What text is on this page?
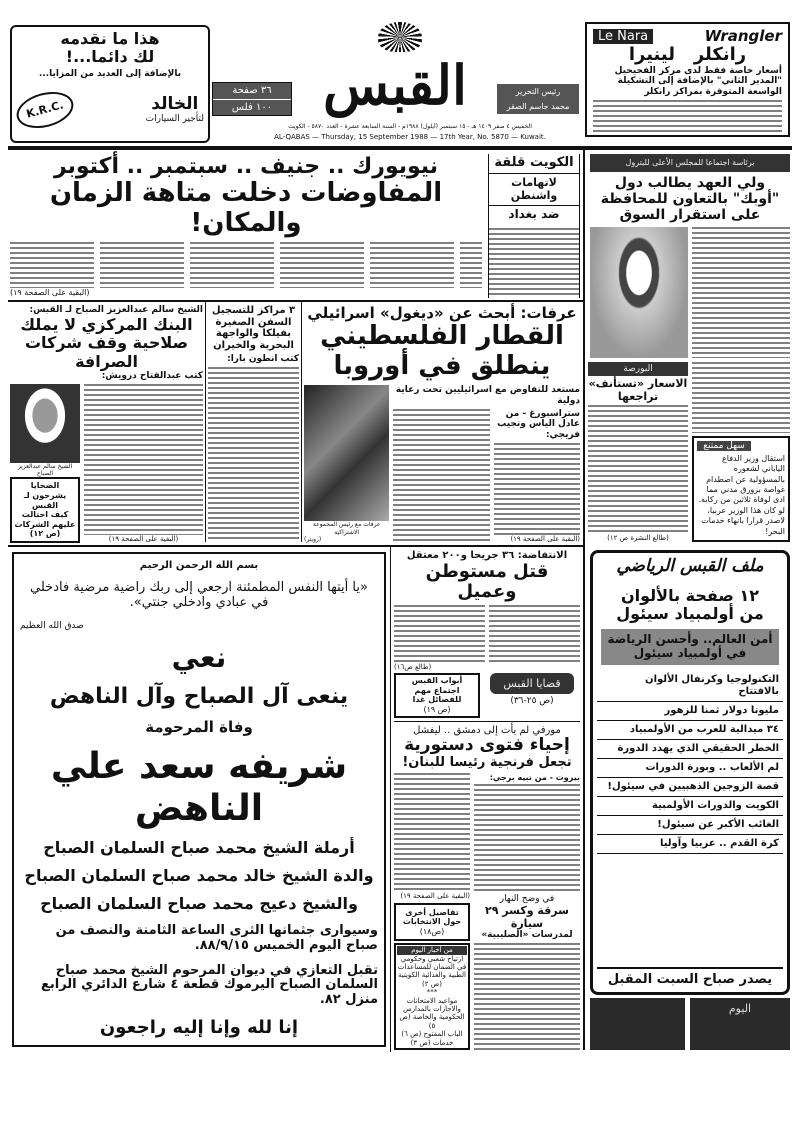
هذا ما نقدمه
لك دائما...!
بالإضافة إلى العديد من المزايا...
K.R.C.	الخالد
لتأجير السيارات
٣٦ صفحة
١٠٠ فلس القبس	رئيس التحرير
محمد جاسم الصقر
Le Nara	Wrangler
رانكلر   لينيرا
أسعار خاصة فقط لدى مركز الفحيحيل
"المدير الثاني" بالإضافة إلى التشكيلة
الواسعة المتوفرة بمراكز رانكلر
الخميس ٤ صفر ١٤٠٩ هـ - ١٥ سبتمبر (أيلول) ١٩٨٨م - السنة السابعة عشرة - العدد ٥٨٧٠ - الكويت
AL-QABAS — Thursday, 15 September 1988 — 17th Year, No. 5870 — Kuwait.
نيويورك .. جنيف .. سبتمبر .. أكتوبر
المفاوضات دخلت متاهة الزمان والمكان!
(البقية على الصفحة ١٩)
الكويت قلقة
لاتهامات واشنطن
ضد بغداد
برئاسة اجتماعا للمجلس الأعلى للبترول
ولي العهد يطالب دول "أوبك" بالتعاون للمحافظة على استقرار السوق
الشيخ سالم عبدالعزيز الصباح لـ القبس:
البنك المركزي لا يملك صلاحية وقف شركات الصرافة
كتب عبدالفتاح درويش:
الشيخ سالم عبدالعزيز الصباح
الضحايا يشرحون لـ القبس
كيف احتالت عليهم الشركات
(ص ١٢)
(البقية على الصفحة ١٩)
٣ مراكز للتسجيل السفن الصغيرة بفيلكا والواجهة البحرية والخيران
كتب انطون بارا:
عرفات: أبحث عن «ديغول» اسرائيلي
القطار الفلسطيني
ينطلق في أوروبا
عرفات مع رئيس المجموعة الاشتراكية
(رويتر)
مستعد للتفاوض مع اسرائيليين تحت رعاية دولية
ستراسبورغ - من عادل الياس ونجيب فريجي:
(البقية على الصفحة ١٩)
البورصة
الاسعار «تستأنف» تراجعها
(طالع النشرة ص ١٢)
سهل ممتنع
استقال وزير الدفاع الياباني لشعوره بالمسؤولية عن اصطدام غواصة بزورق مدني مما ادى لوفاة ثلاثين من ركابه. لو كان هذا الوزير عربيا، لاصدر قرارا بانهاء خدمات البحر!
بسم الله الرحمن الرحيم
«يا أيتها النفس المطمئنة ارجعي إلى ربك راضية مرضية فادخلي في عبادي وادخلي جنتي».
صدق الله العظيم
نعي
ينعى آل الصباح وآل الناهض
وفاة المرحومة
شريفه سعد علي الناهض
أرملة الشيخ محمد صباح السلمان الصباح
والدة الشيخ خالد محمد صباح السلمان الصباح
والشيخ دعيج محمد صباح السلمان الصباح
وسيوارى جثمانها الثرى الساعة الثامنة والنصف من صباح اليوم الخميس ٨٨/٩/١٥.
تقبل التعازي في ديوان المرحوم الشيخ محمد صباح السلمان الصباح اليرموك قطعة ٤ شارع الدائري الرابع منزل ٨٢.
إنا لله وإنا إليه راجعون
الانتفاضة: ٣٦ جريحا و٢٠٠ معتقل
قتل مستوطن وعميل
(طالع ص١٦)
أبواب القبس
اجتماع مهم
للفصائل غدا
(ص ١٩)
قضايا القبس
(ص ٢٥-٣٦)
مورفي لم يأت إلى دمشق .. ليفشل
إحياء فتوى دستورية
تجعل فرنجية رئيسا للبنان!
(البقية على الصفحة ١٩)
تفاصيل أخرى حول الانتخابات
(ص١٨)
من أخبار اليوم
ارتياح شعبي وحكومي في الضمان للمساعدات الطبية والغذائية الكويتية (ص ٢)
***
مواعيد الامتحانات والاجازات بالمدارس الحكومية والخاصة (ص ٥)
الباب المفتوح (ص ٦)
خدمات (ص ٣)
بيروت - من نبيه برجي:
في وضح النهار
سرقة وكسر ٢٩ سيارة
لمدرسات «الصليبية»
ملف القبس الرياضي
١٢ صفحة بالألوان
من أولمبياد سيئول
أمن العالم.. وأحسن الرياضة في أولمبياد سيئول
التكنولوجيا وكرنفال الألوان بالافتتاح
مليونا دولار ثمنا للزهور
٣٤ ميدالية للعرب من الأولمبياد
الخطر الحقيقي الذي يهدد الدورة
لم الألعاب .. وبورة الدورات
قصة الزوجين الذهبيين في سيئول!
الكويت والدورات الأولمبية
الغائب الأكبر عن سيئول!
كرة القدم .. عربيا وآوليا
يصدر صباح السبت المقبل
اليوم
